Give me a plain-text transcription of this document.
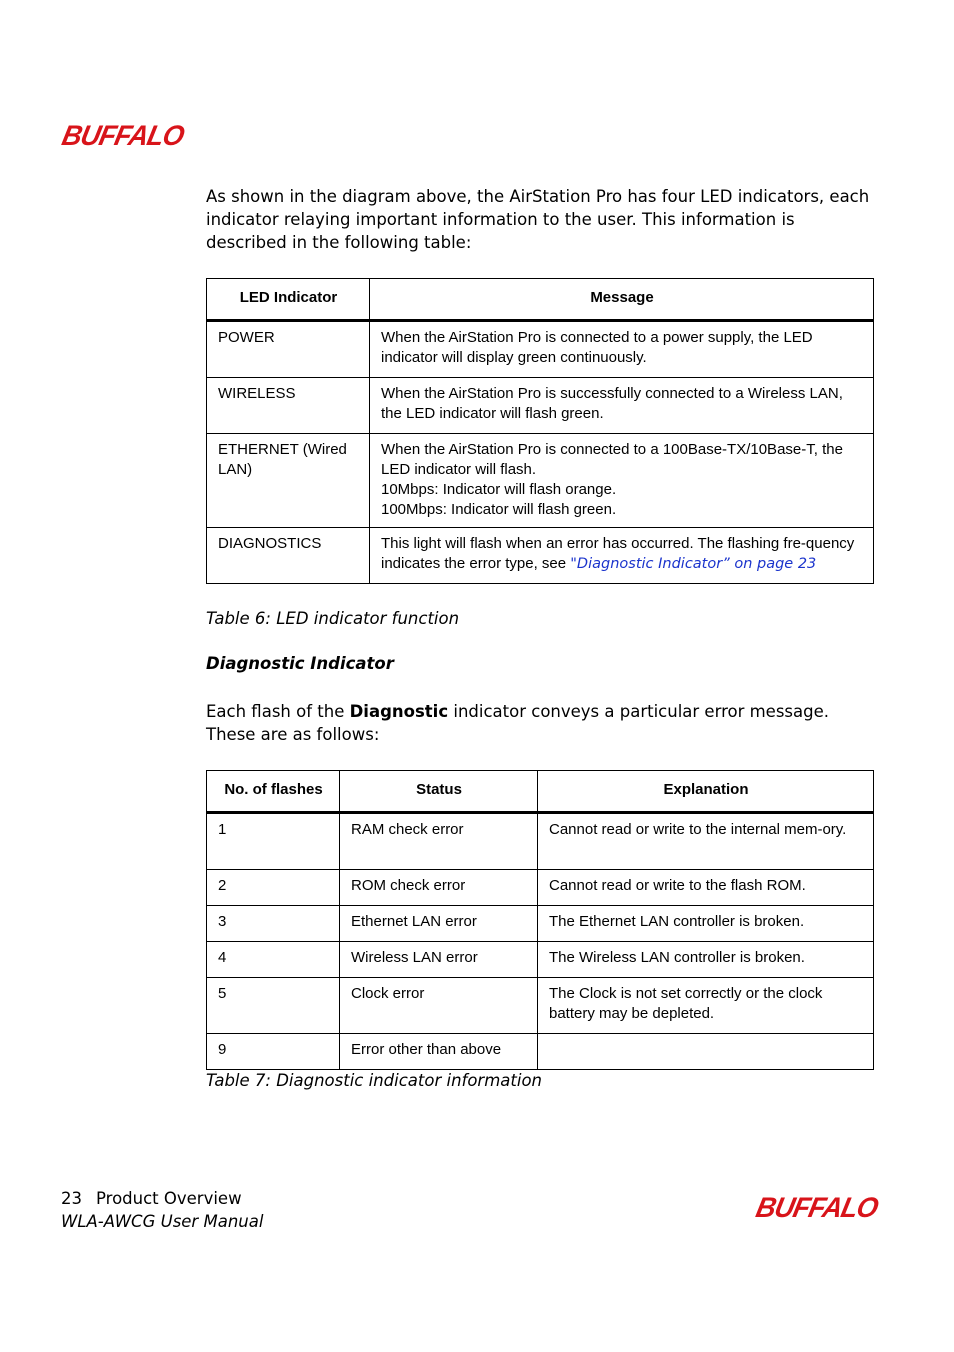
BUFFALO

As shown in the diagram above, the AirStation Pro has four LED indicators, each indicator relaying important information to the user. This information is described in the following table:

LED Indicator	Message
POWER	When the AirStation Pro is connected to a power supply, the LED indicator will display green continuously.
WIRELESS	When the AirStation Pro is successfully connected to a Wireless LAN, the LED indicator will flash green.
ETHERNET (Wired LAN)	When the AirStation Pro is connected to a 100Base-TX/10Base-T, the LED indicator will flash.
10Mbps: Indicator will flash orange.
100Mbps: Indicator will flash green.

DIAGNOSTICS	This light will flash when an error has occurred. The flashing fre-quency indicates the error type, see "Diagnostic Indicator” on page 23

Table 6: LED indicator function

Diagnostic Indicator

Each flash of the Diagnostic indicator conveys a particular error message. These are as follows:

No. of flashes	Status	Explanation
1	RAM check error	Cannot read or write to the internal mem-ory.
2	ROM check error	Cannot read or write to the flash ROM.
3	Ethernet LAN error	The Ethernet LAN controller is broken.
4	Wireless LAN error	The Wireless LAN controller is broken.
5	Clock error	The Clock is not set correctly or the clock battery may be depleted.
9	Error other than above	

Table 7: Diagnostic indicator information

23 Product Overview
WLA-AWCG User Manual	BUFFALO
